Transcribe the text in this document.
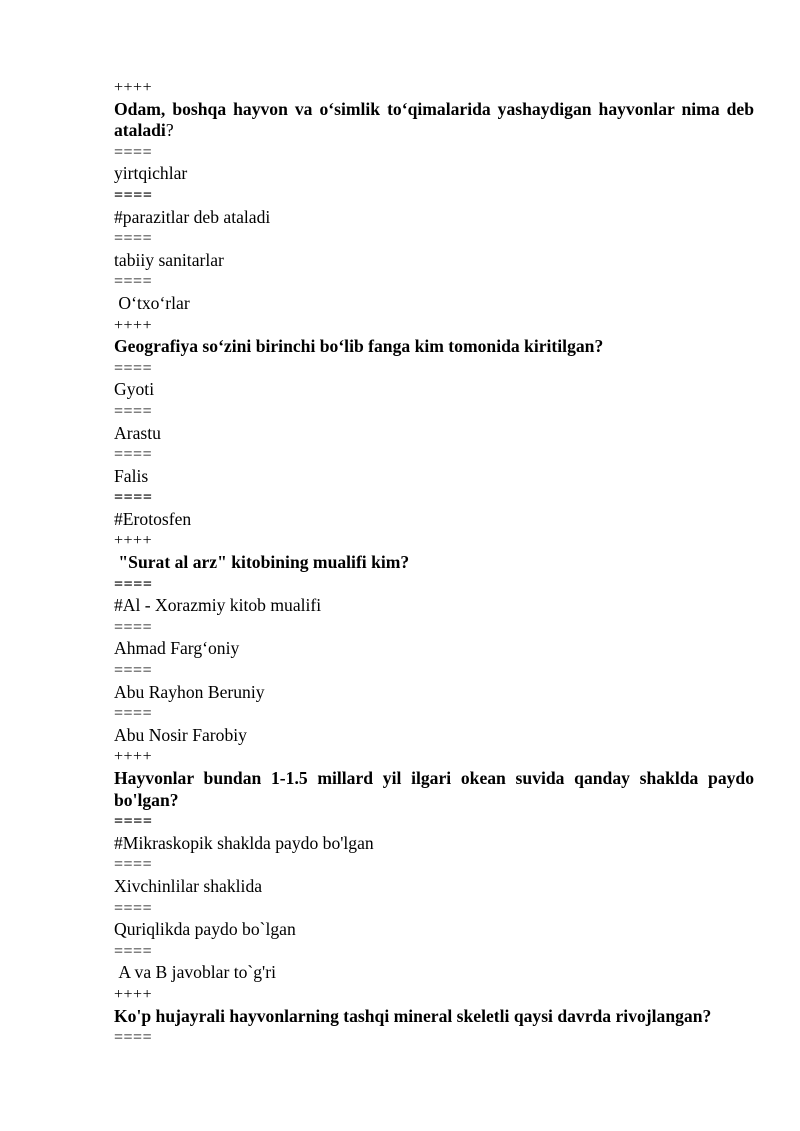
++++
Odam, boshqa hayvon va o‘simlik to‘qimalarida yashaydigan hayvonlar nima deb ataladi?
====
yirtqichlar
====
#parazitlar deb ataladi
====
tabiiy sanitarlar
====
O‘txo‘rlar
++++
Geografiya so‘zini birinchi bo‘lib fanga kim tomonida kiritilgan?
====
Gyoti
====
Arastu
====
Falis
====
#Erotosfen
++++
"Surat al arz" kitobining mualifi kim?
====
#Al - Xorazmiy kitob mualifi
====
Ahmad Farg‘oniy
====
Abu Rayhon Beruniy
====
Abu Nosir Farobiy
++++
Hayvonlar bundan 1-1.5 millard yil ilgari okean suvida qanday shaklda paydo bo'lgan?
====
#Mikraskopik shaklda paydo bo'lgan
====
Xivchinlilar shaklida
====
Quriqlikda paydo bo`lgan
====
A va B javoblar to`g'ri
++++
Ko'p hujayrali hayvonlarning tashqi mineral skeletli qaysi davrda rivojlangan?
====
